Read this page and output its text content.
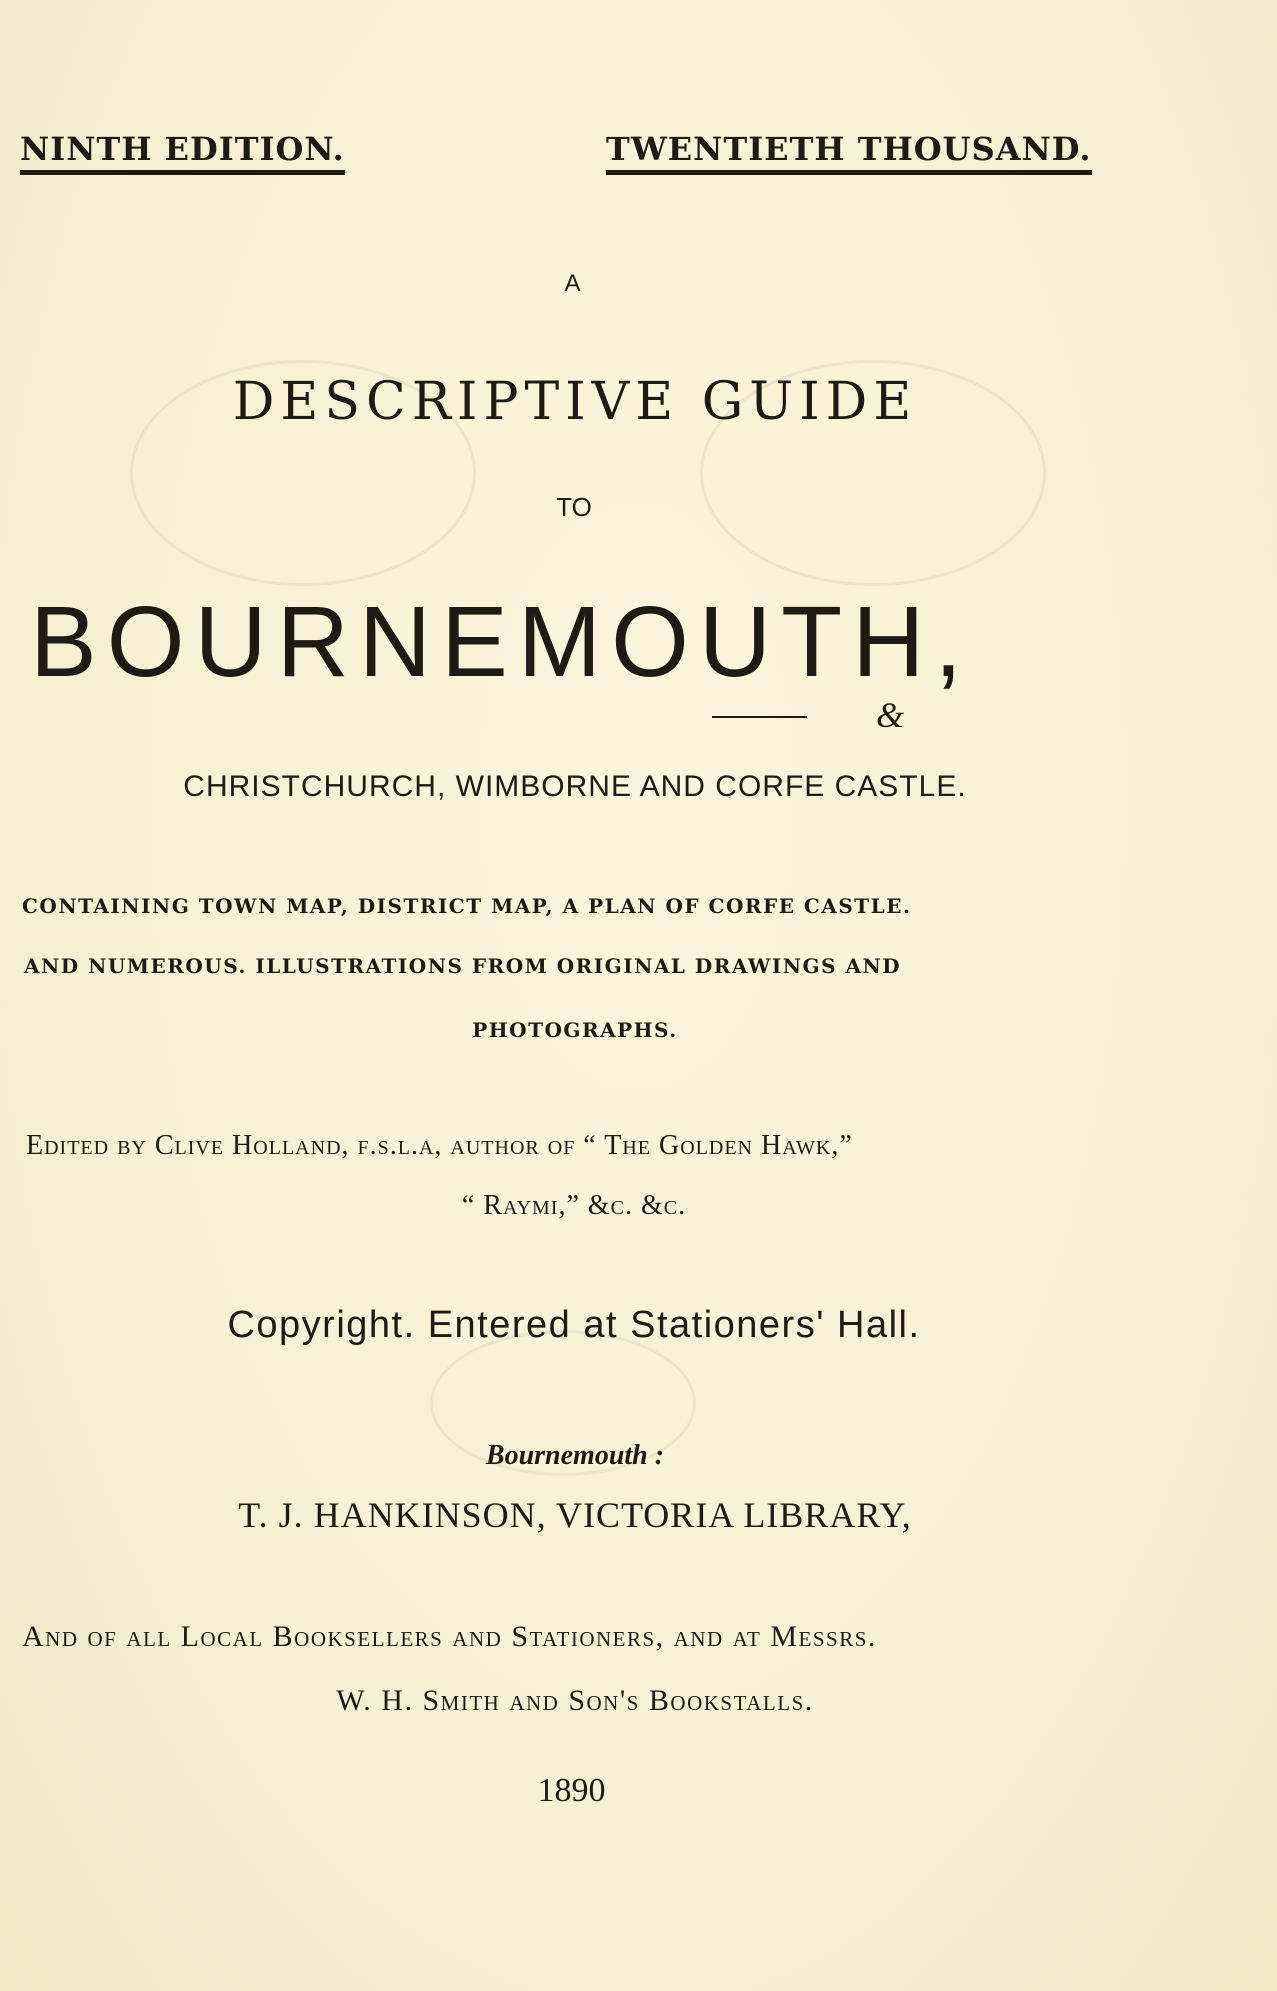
NINTH EDITION.	TWENTIETH THOUSAND.
A
DESCRIPTIVE GUIDE
TO
BOURNEMOUTH,
&
CHRISTCHURCH, WIMBORNE AND CORFE CASTLE.
CONTAINING TOWN MAP, DISTRICT MAP, A PLAN OF CORFE CASTLE.
AND NUMEROUS. ILLUSTRATIONS FROM ORIGINAL DRAWINGS AND
PHOTOGRAPHS.
Edited by Clive Holland, f.s.l.a, author of “ The Golden Hawk,”
“ Raymi,” &c. &c.
Copyright. Entered at Stationers' Hall.
Bournemouth :
T. J. HANKINSON, VICTORIA LIBRARY,
And of all Local Booksellers and Stationers, and at Messrs.
W. H. Smith and Son's Bookstalls.
1890
